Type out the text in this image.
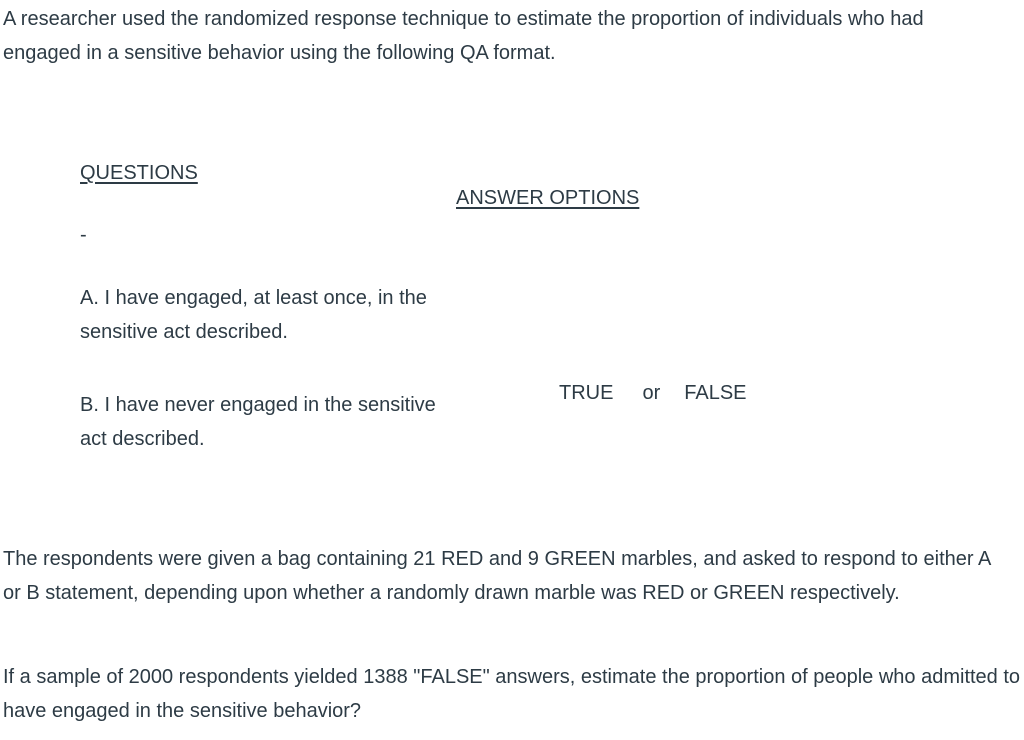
A researcher used the randomized response technique to estimate the proportion of individuals who had engaged in a sensitive behavior using the following QA format.

QUESTIONS
ANSWER OPTIONS
-

A. I have engaged, at least once, in the sensitive act described.

B. I have never engaged in the sensitive act described.

TRUE or FALSE

The respondents were given a bag containing 21 RED and 9 GREEN marbles, and asked to respond to either A or B statement, depending upon whether a randomly drawn marble was RED or GREEN respectively.

If a sample of 2000 respondents yielded 1388 "FALSE" answers, estimate the proportion of people who admitted to have engaged in the sensitive behavior?
